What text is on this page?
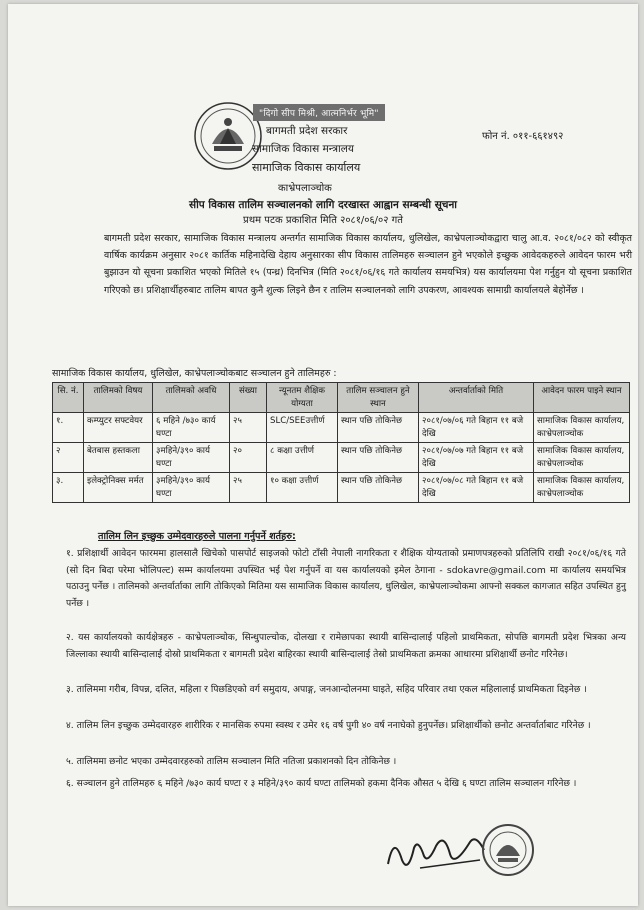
"दिगो सीप मिश्री, आत्मनिर्भर भूमि"
बागमती प्रदेश सरकार
सामाजिक विकास मन्त्रालय
सामाजिक विकास कार्यालय
काभ्रेपलाञ्चोक
फोन नं. ०११-६६१४९२
सीप विकास तालिम सञ्चालनको लागि दरखास्त आह्वान सम्बन्धी सूचना
प्रथम पटक प्रकाशित मिति २०८१/०६/०२ गते
बागमती प्रदेश सरकार, सामाजिक विकास मन्त्रालय अन्तर्गत सामाजिक विकास कार्यालय, धुलिखेल, काभ्रेपलाञ्चोकद्वारा चालु आ.व. २०८१/०८२ को स्वीकृत वार्षिक कार्यक्रम अनुसार २०८१ कार्तिक महिनादेखि देहाय अनुसारका सीप विकास तालिमहरु सञ्चालन हुने भएकोले इच्छुक आवेदकहरुले आवेदन फारम भरी बुझाउन यो सूचना प्रकाशित भएको मितिले १५ (पन्ध्र) दिनभित्र (मिति २०८१/०६/१६ गते कार्यालय समयभित्र) यस कार्यालयमा पेश गर्नुहुन यो सूचना प्रकाशित गरिएको छ। प्रशिक्षार्थीहरुबाट तालिम बापत कुनै शुल्क लिइने छैन र तालिम सञ्चालनको लागि उपकरण, आवश्यक सामाग्री कार्यालयले बेहोर्नेछ ।
सामाजिक विकास कार्यालय, धुलिखेल, काभ्रेपलाञ्चोकबाट सञ्चालन हुने तालिमहरु :
सि. नं.	तालिमको विषय	तालिमको अवधि	संख्या	न्यूनतम शैक्षिक योग्यता	तालिम सञ्चालन हुने स्थान	अन्तर्वार्ताको मिति	आवेदन फारम पाइने स्थान
१.	कम्प्युटर सफ्टवेयर	६ महिने /७३० कार्य घण्टा	२५	SLC/SEEउत्तीर्ण	स्थान पछि तोकिनेछ	२०८१/०७/०६ गते बिहान ११ बजे देखि	सामाजिक विकास कार्यालय, काभ्रेपलाञ्चोक
२	बेतबास हस्तकला	३महिने/३९० कार्य घण्टा	२०	८ कक्षा उत्तीर्ण	स्थान पछि तोकिनेछ	२०८१/०७/०७ गते बिहान ११ बजे देखि	सामाजिक विकास कार्यालय, काभ्रेपलाञ्चोक
३.	इलेक्ट्रोनिक्स मर्मत	३महिने/३९० कार्य घण्टा	२५	१० कक्षा उत्तीर्ण	स्थान पछि तोकिनेछ	२०८१/०७/०८ गते बिहान ११ बजे देखि	सामाजिक विकास कार्यालय, काभ्रेपलाञ्चोक
तालिम लिन इच्छुक उम्मेदवारहरुले पालना गर्नुपर्ने शर्तहरु:
१. प्रशिक्षार्थी आवेदन फारममा हालसालै खिचेको पासपोर्ट साइजको फोटो टाँसी नेपाली नागरिकता र शैक्षिक योग्यताको प्रमाणपत्रहरुको प्रतिलिपि राखी २०८१/०६/१६ गते (सो दिन बिदा परेमा भोलिपल्ट) सम्म कार्यालयमा उपस्थित भई पेश गर्नुपर्ने वा यस कार्यालयको इमेल ठेगाना - sdokavre@gmail.com मा कार्यालय समयभित्र पठाउनु पर्नेछ । तालिमको अन्तर्वार्ताका लागि तोकिएको मितिमा यस सामाजिक विकास कार्यालय, धुलिखेल, काभ्रेपलाञ्चोकमा आफ्नो सक्कल कागजात सहित उपस्थित हुनु पर्नेछ ।
२. यस कार्यालयको कार्यक्षेत्रहरु - काभ्रेपलाञ्चोक, सिन्धुपाल्चोक, दोलखा र रामेछापका स्थायी बासिन्दालाई पहिलो प्राथमिकता, सोपछि बागमती प्रदेश भित्रका अन्य जिल्लाका स्थायी बासिन्दालाई दोस्रो प्राथमिकता र बागमती प्रदेश बाहिरका स्थायी बासिन्दालाई तेस्रो प्राथमिकता क्रमका आधारमा प्रशिक्षार्थी छनोट गरिनेछ।
३. तालिममा गरीब, विपन्न, दलित, महिला र पिछडिएको वर्ग समुदाय, अपाङ्ग, जनआन्दोलनमा घाइते, सहिद परिवार तथा एकल महिलालाई प्राथमिकता दिइनेछ ।
४. तालिम लिन इच्छुक उम्मेदवारहरु शारीरिक र मानसिक रुपमा स्वस्थ र उमेर १६ वर्ष पुगी ४० वर्ष ननाघेको हुनुपर्नेछ। प्रशिक्षार्थीको छनोट अन्तर्वार्ताबाट गरिनेछ ।
५. तालिममा छनोट भएका उम्मेदवारहरुको तालिम सञ्चालन मिति नतिजा प्रकाशनको दिन तोकिनेछ ।
६. सञ्चालन हुने तालिमहरु ६ महिने /७३० कार्य घण्टा र ३ महिने/३९० कार्य घण्टा तालिमको हकमा दैनिक औसत ५ देखि ६ घण्टा तालिम सञ्चालन गरिनेछ ।
